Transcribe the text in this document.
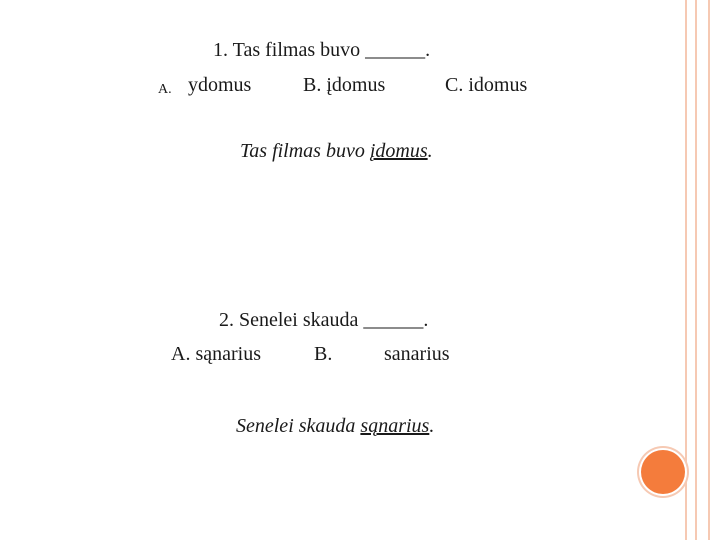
1. Tas filmas buvo ______.
A. ydomus	B. įdomus	C. idomus
Tas filmas buvo įdomus.
2. Senelei skauda ______.
A. sąnarius	B.	sanarius
Senelei skauda sąnarius.
